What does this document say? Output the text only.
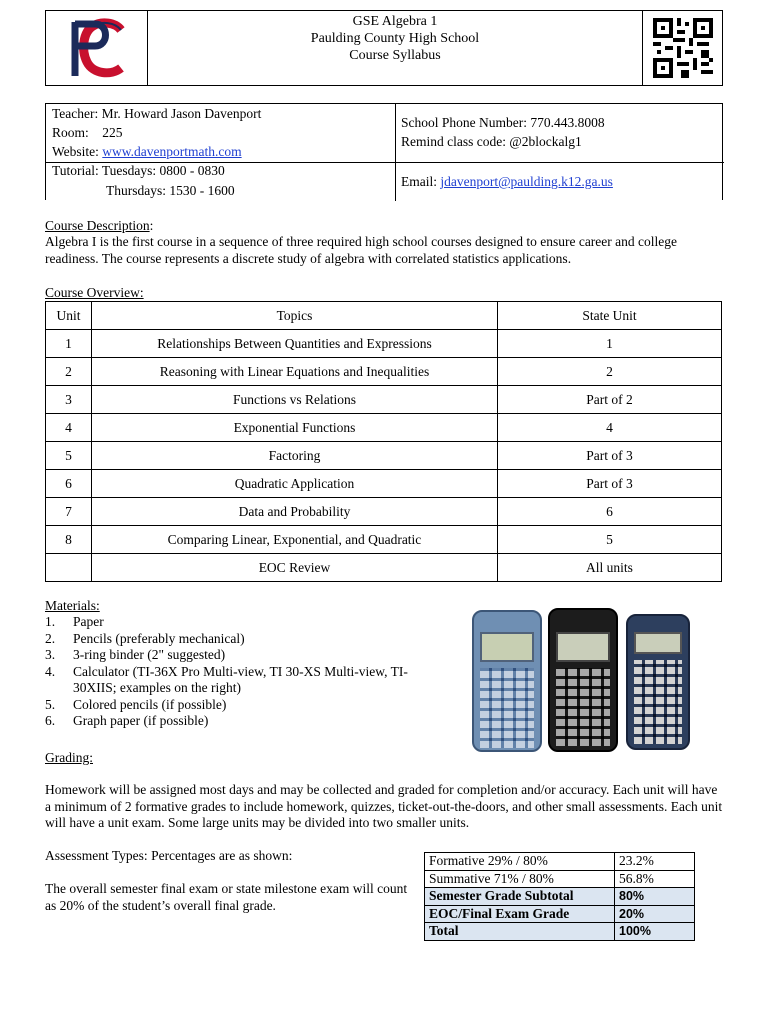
GSE Algebra 1
Paulding County High School
Course Syllabus
Teacher: Mr. Howard Jason Davenport
Room: 225
Website: www.davenportmath.com
School Phone Number: 770.443.8008
Remind class code: @2blockalg1
Tutorial: Tuesdays: 0800 - 0830
Thursdays: 1530 - 1600
Email: jdavenport@paulding.k12.ga.us
Course Description:
Algebra I is the first course in a sequence of three required high school courses designed to ensure career and college readiness. The course represents a discrete study of algebra with correlated statistics applications.
Course Overview:
Unit	Topics	State Unit
1	Relationships Between Quantities and Expressions	1
2	Reasoning with Linear Equations and Inequalities	2
3	Functions vs Relations	Part of 2
4	Exponential Functions	4
5	Factoring	Part of 3
6	Quadratic Application	Part of 3
7	Data and Probability	6
8	Comparing Linear, Exponential, and Quadratic	5
	EOC Review	All units
Materials:
1. Paper
2. Pencils (preferably mechanical)
3. 3-ring binder (2" suggested)
4. Calculator (TI-36X Pro Multi-view, TI 30-XS Multi-view, TI-30XIIS; examples on the right)
5. Colored pencils (if possible)
6. Graph paper (if possible)
Grading:
Homework will be assigned most days and may be collected and graded for completion and/or accuracy. Each unit will have a minimum of 2 formative grades to include homework, quizzes, ticket-out-the-doors, and other small assessments. Each unit will have a unit exam. Some large units may be divided into two smaller units.
Assessment Types: Percentages are as shown:
The overall semester final exam or state milestone exam will count as 20% of the student’s overall final grade.
Formative 29% / 80%	23.2%
Summative 71% / 80%	56.8%
Semester Grade Subtotal	80%
EOC/Final Exam Grade	20%
Total	100%
